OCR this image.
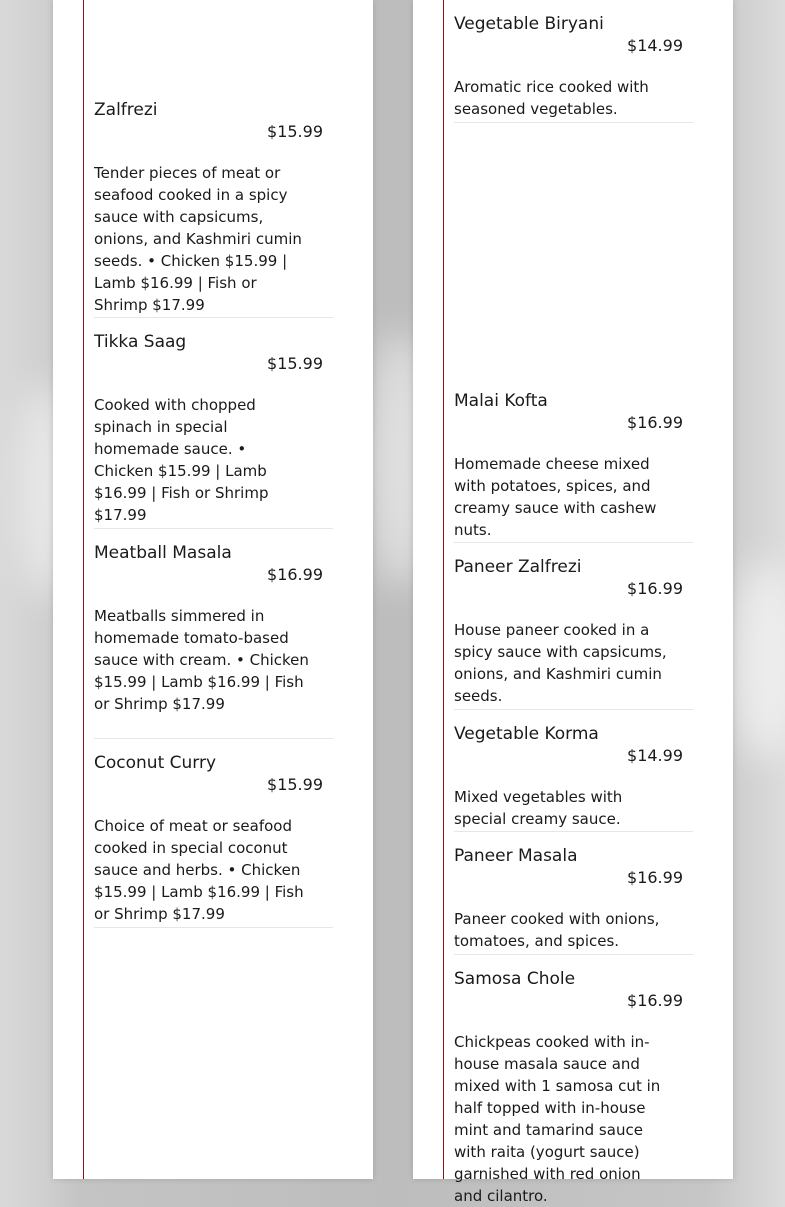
Zalfrezi
$15.99
Tender pieces of meat or seafood cooked in a spicy sauce with capsicums, onions, and Kashmiri cumin seeds. • Chicken $15.99 | Lamb $16.99 | Fish or Shrimp $17.99
Tikka Saag
$15.99
Cooked with chopped spinach in special homemade sauce. • Chicken $15.99 | Lamb $16.99 | Fish or Shrimp $17.99
Meatball Masala
$16.99
Meatballs simmered in homemade tomato-based sauce with cream. • Chicken $15.99 | Lamb $16.99 | Fish or Shrimp $17.99
Coconut Curry
$15.99
Choice of meat or seafood cooked in special coconut sauce and herbs. • Chicken $15.99 | Lamb $16.99 | Fish or Shrimp $17.99
Vegetable Biryani
$14.99
Aromatic rice cooked with seasoned vegetables.
Malai Kofta
$16.99
Homemade cheese mixed with potatoes, spices, and creamy sauce with cashew nuts.
Paneer Zalfrezi
$16.99
House paneer cooked in a spicy sauce with capsicums, onions, and Kashmiri cumin seeds.
Vegetable Korma
$14.99
Mixed vegetables with special creamy sauce.
Paneer Masala
$16.99
Paneer cooked with onions, tomatoes, and spices.
Samosa Chole
$16.99
Chickpeas cooked with in-house masala sauce and mixed with 1 samosa cut in half topped with in-house mint and tamarind sauce with raita (yogurt sauce) garnished with red onion and cilantro.
